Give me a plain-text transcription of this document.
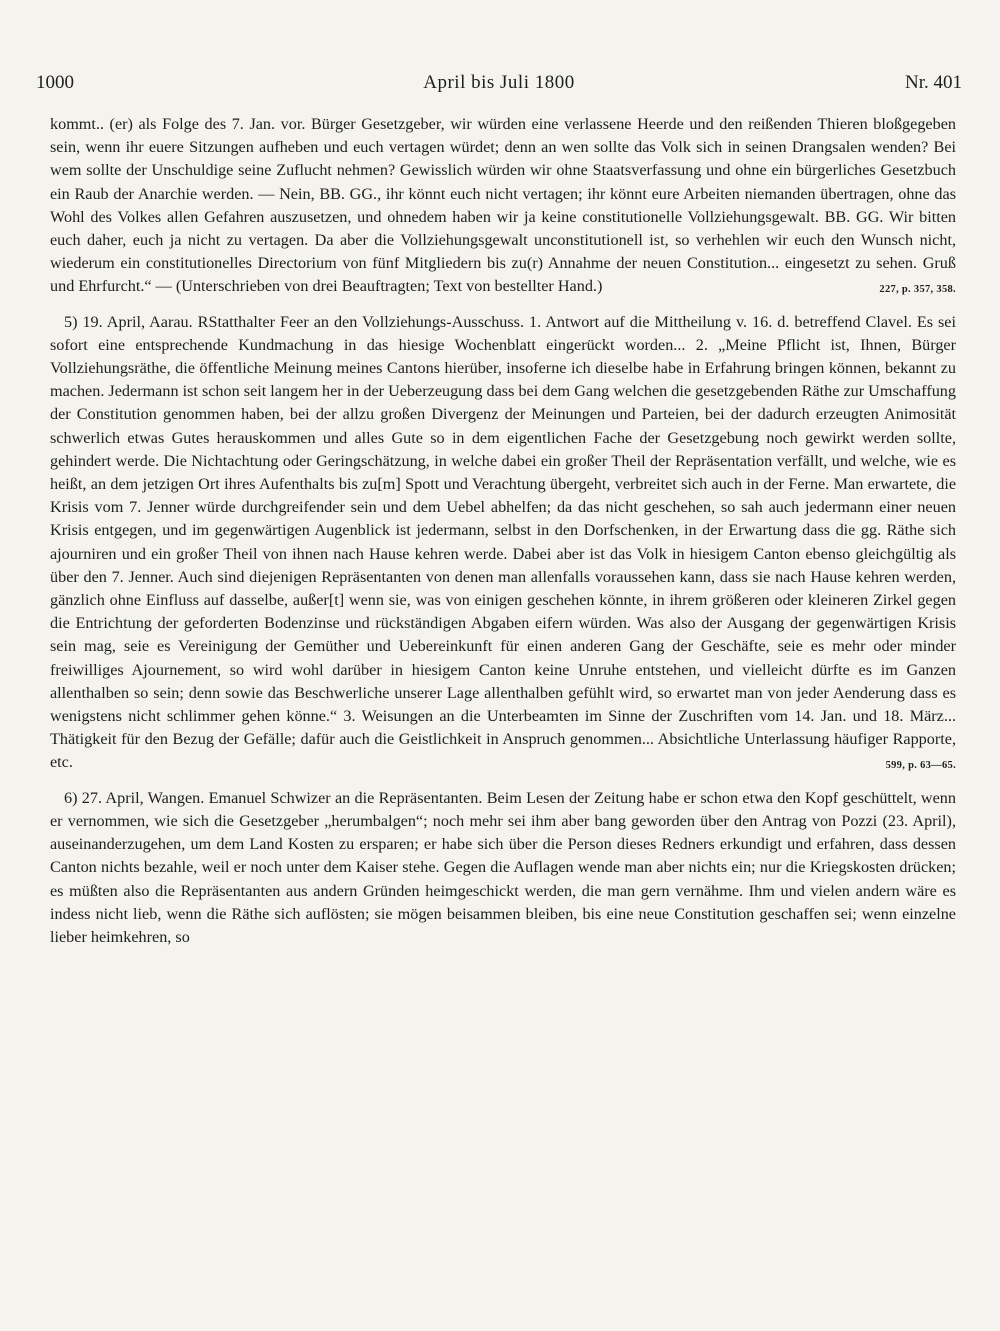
1000	April bis Juli 1800	Nr. 401

kommt.. (er) als Folge des 7. Jan. vor. Bürger Gesetzgeber, wir würden eine verlassene Heerde und den reißenden Thieren bloßgegeben sein, wenn ihr euere Sitzungen aufheben und euch vertagen würdet; denn an wen sollte das Volk sich in seinen Drangsalen wenden? Bei wem sollte der Unschuldige seine Zuflucht nehmen? Gewisslich würden wir ohne Staatsverfassung und ohne ein bürgerliches Gesetzbuch ein Raub der Anarchie werden. — Nein, BB. GG., ihr könnt euch nicht vertagen; ihr könnt eure Arbeiten niemanden übertragen, ohne das Wohl des Volkes allen Gefahren auszusetzen, und ohnedem haben wir ja keine constitutionelle Vollziehungsgewalt. BB. GG. Wir bitten euch daher, euch ja nicht zu vertagen. Da aber die Vollziehungsgewalt unconstitutionell ist, so verhehlen wir euch den Wunsch nicht, wiederum ein constitutionelles Directorium von fünf Mitgliedern bis zu(r) Annahme der neuen Constitution... eingesetzt zu sehen. Gruß und Ehrfurcht.“ — (Unterschrieben von drei Beauftragten; Text von bestellter Hand.)	227, p. 357, 358.

5) 19. April, Aarau. RStatthalter Feer an den Vollziehungs-Ausschuss. 1. Antwort auf die Mittheilung v. 16. d. betreffend Clavel. Es sei sofort eine entsprechende Kundmachung in das hiesige Wochenblatt eingerückt worden... 2. „Meine Pflicht ist, Ihnen, Bürger Vollziehungsräthe, die öffentliche Meinung meines Cantons hierüber, insoferne ich dieselbe habe in Erfahrung bringen können, bekannt zu machen. Jedermann ist schon seit langem her in der Ueberzeugung dass bei dem Gang welchen die gesetzgebenden Räthe zur Umschaffung der Constitution genommen haben, bei der allzu großen Divergenz der Meinungen und Parteien, bei der dadurch erzeugten Animosität schwerlich etwas Gutes herauskommen und alles Gute so in dem eigentlichen Fache der Gesetzgebung noch gewirkt werden sollte, gehindert werde. Die Nichtachtung oder Geringschätzung, in welche dabei ein großer Theil der Repräsentation verfällt, und welche, wie es heißt, an dem jetzigen Ort ihres Aufenthalts bis zu[m] Spott und Verachtung übergeht, verbreitet sich auch in der Ferne. Man erwartete, die Krisis vom 7. Jenner würde durchgreifender sein und dem Uebel abhelfen; da das nicht geschehen, so sah auch jedermann einer neuen Krisis entgegen, und im gegenwärtigen Augenblick ist jedermann, selbst in den Dorfschenken, in der Erwartung dass die gg. Räthe sich ajourniren und ein großer Theil von ihnen nach Hause kehren werde. Dabei aber ist das Volk in hiesigem Canton ebenso gleichgültig als über den 7. Jenner. Auch sind diejenigen Repräsentanten von denen man allenfalls voraussehen kann, dass sie nach Hause kehren werden, gänzlich ohne Einfluss auf dasselbe, außer[t] wenn sie, was von einigen geschehen könnte, in ihrem größeren oder kleineren Zirkel gegen die Entrichtung der geforderten Bodenzinse und rückständigen Abgaben eifern würden. Was also der Ausgang der gegenwärtigen Krisis sein mag, seie es Vereinigung der Gemüther und Uebereinkunft für einen anderen Gang der Geschäfte, seie es mehr oder minder freiwilliges Ajournement, so wird wohl darüber in hiesigem Canton keine Unruhe entstehen, und vielleicht dürfte es im Ganzen allenthalben so sein; denn sowie das Beschwerliche unserer Lage allenthalben gefühlt wird, so erwartet man von jeder Aenderung dass es wenigstens nicht schlimmer gehen könne.“ 3. Weisungen an die Unterbeamten im Sinne der Zuschriften vom 14. Jan. und 18. März... Thätigkeit für den Bezug der Gefälle; dafür auch die Geistlichkeit in Anspruch genommen... Absichtliche Unterlassung häufiger Rapporte, etc.	599, p. 63—65.

6) 27. April, Wangen. Emanuel Schwizer an die Repräsentanten. Beim Lesen der Zeitung habe er schon etwa den Kopf geschüttelt, wenn er vernommen, wie sich die Gesetzgeber „herumbalgen“; noch mehr sei ihm aber bang geworden über den Antrag von Pozzi (23. April), auseinanderzugehen, um dem Land Kosten zu ersparen; er habe sich über die Person dieses Redners erkundigt und erfahren, dass dessen Canton nichts bezahle, weil er noch unter dem Kaiser stehe. Gegen die Auflagen wende man aber nichts ein; nur die Kriegskosten drücken; es müßten also die Repräsentanten aus andern Gründen heimgeschickt werden, die man gern vernähme. Ihm und vielen andern wäre es indess nicht lieb, wenn die Räthe sich auflösten; sie mögen beisammen bleiben, bis eine neue Constitution geschaffen sei; wenn einzelne lieber heimkehren, so
